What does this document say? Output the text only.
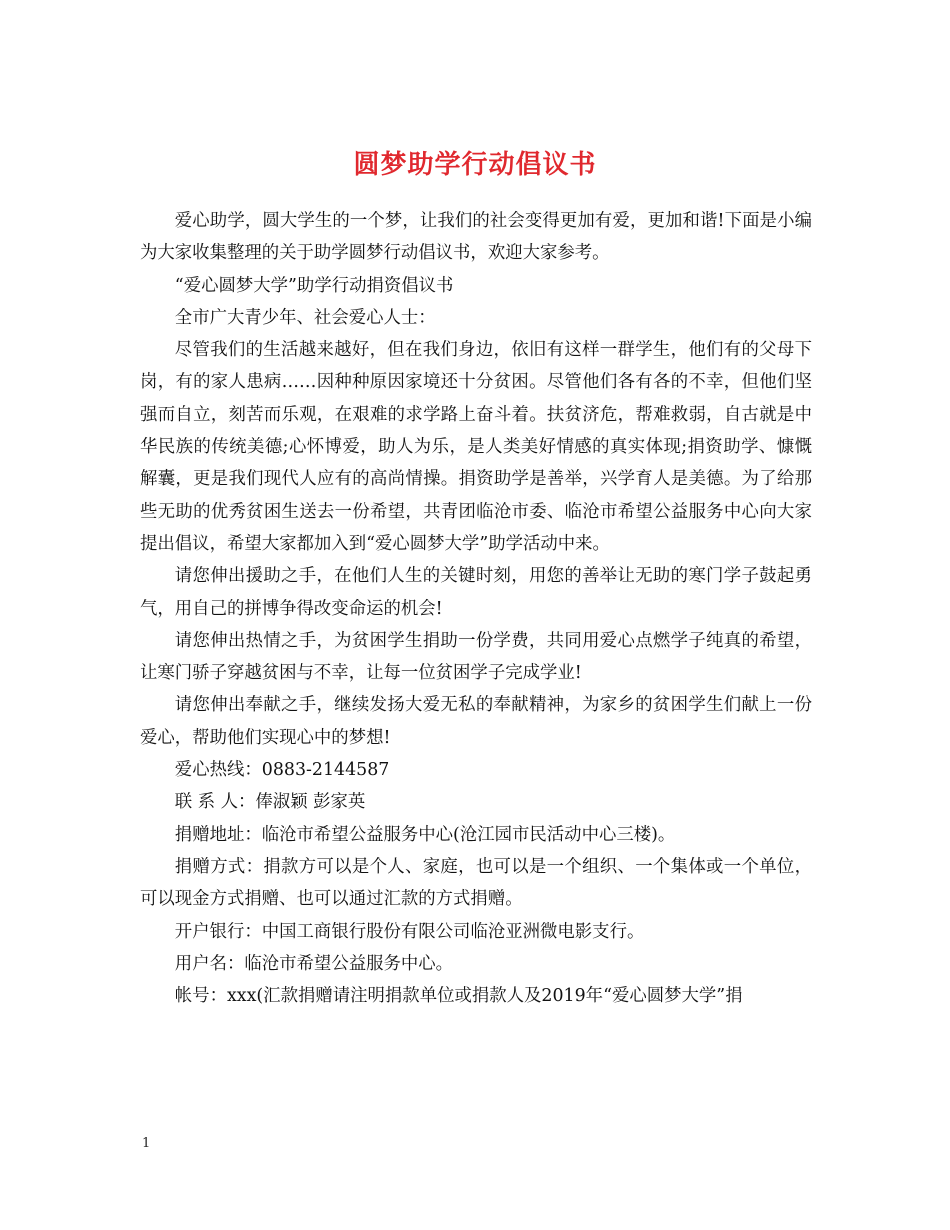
圆梦助学行动倡议书

爱心助学，圆大学生的一个梦，让我们的社会变得更加有爱，更加和谐!下面是小编为大家收集整理的关于助学圆梦行动倡议书，欢迎大家参考。

“爱心圆梦大学”助学行动捐资倡议书

全市广大青少年、社会爱心人士：

尽管我们的生活越来越好，但在我们身边，依旧有这样一群学生，他们有的父母下岗，有的家人患病……因种种原因家境还十分贫困。尽管他们各有各的不幸，但他们坚强而自立，刻苦而乐观，在艰难的求学路上奋斗着。扶贫济危，帮难救弱，自古就是中华民族的传统美德;心怀博爱，助人为乐，是人类美好情感的真实体现;捐资助学、慷慨解囊，更是我们现代人应有的高尚情操。捐资助学是善举，兴学育人是美德。为了给那些无助的优秀贫困生送去一份希望，共青团临沧市委、临沧市希望公益服务中心向大家提出倡议，希望大家都加入到“爱心圆梦大学”助学活动中来。

请您伸出援助之手，在他们人生的关键时刻，用您的善举让无助的寒门学子鼓起勇气，用自己的拼博争得改变命运的机会!

请您伸出热情之手，为贫困学生捐助一份学费，共同用爱心点燃学子纯真的希望，让寒门骄子穿越贫困与不幸，让每一位贫困学子完成学业!

请您伸出奉献之手，继续发扬大爱无私的奉献精神，为家乡的贫困学生们献上一份爱心，帮助他们实现心中的梦想!

爱心热线：0883-2144587

联 系 人：俸淑颖 彭家英

捐赠地址：临沧市希望公益服务中心(沧江园市民活动中心三楼)。

捐赠方式：捐款方可以是个人、家庭，也可以是一个组织、一个集体或一个单位，可以现金方式捐赠、也可以通过汇款的方式捐赠。

开户银行：中国工商银行股份有限公司临沧亚洲微电影支行。

用户名：临沧市希望公益服务中心。

帐号：xxx(汇款捐赠请注明捐款单位或捐款人及2019年“爱心圆梦大学”捐

1
